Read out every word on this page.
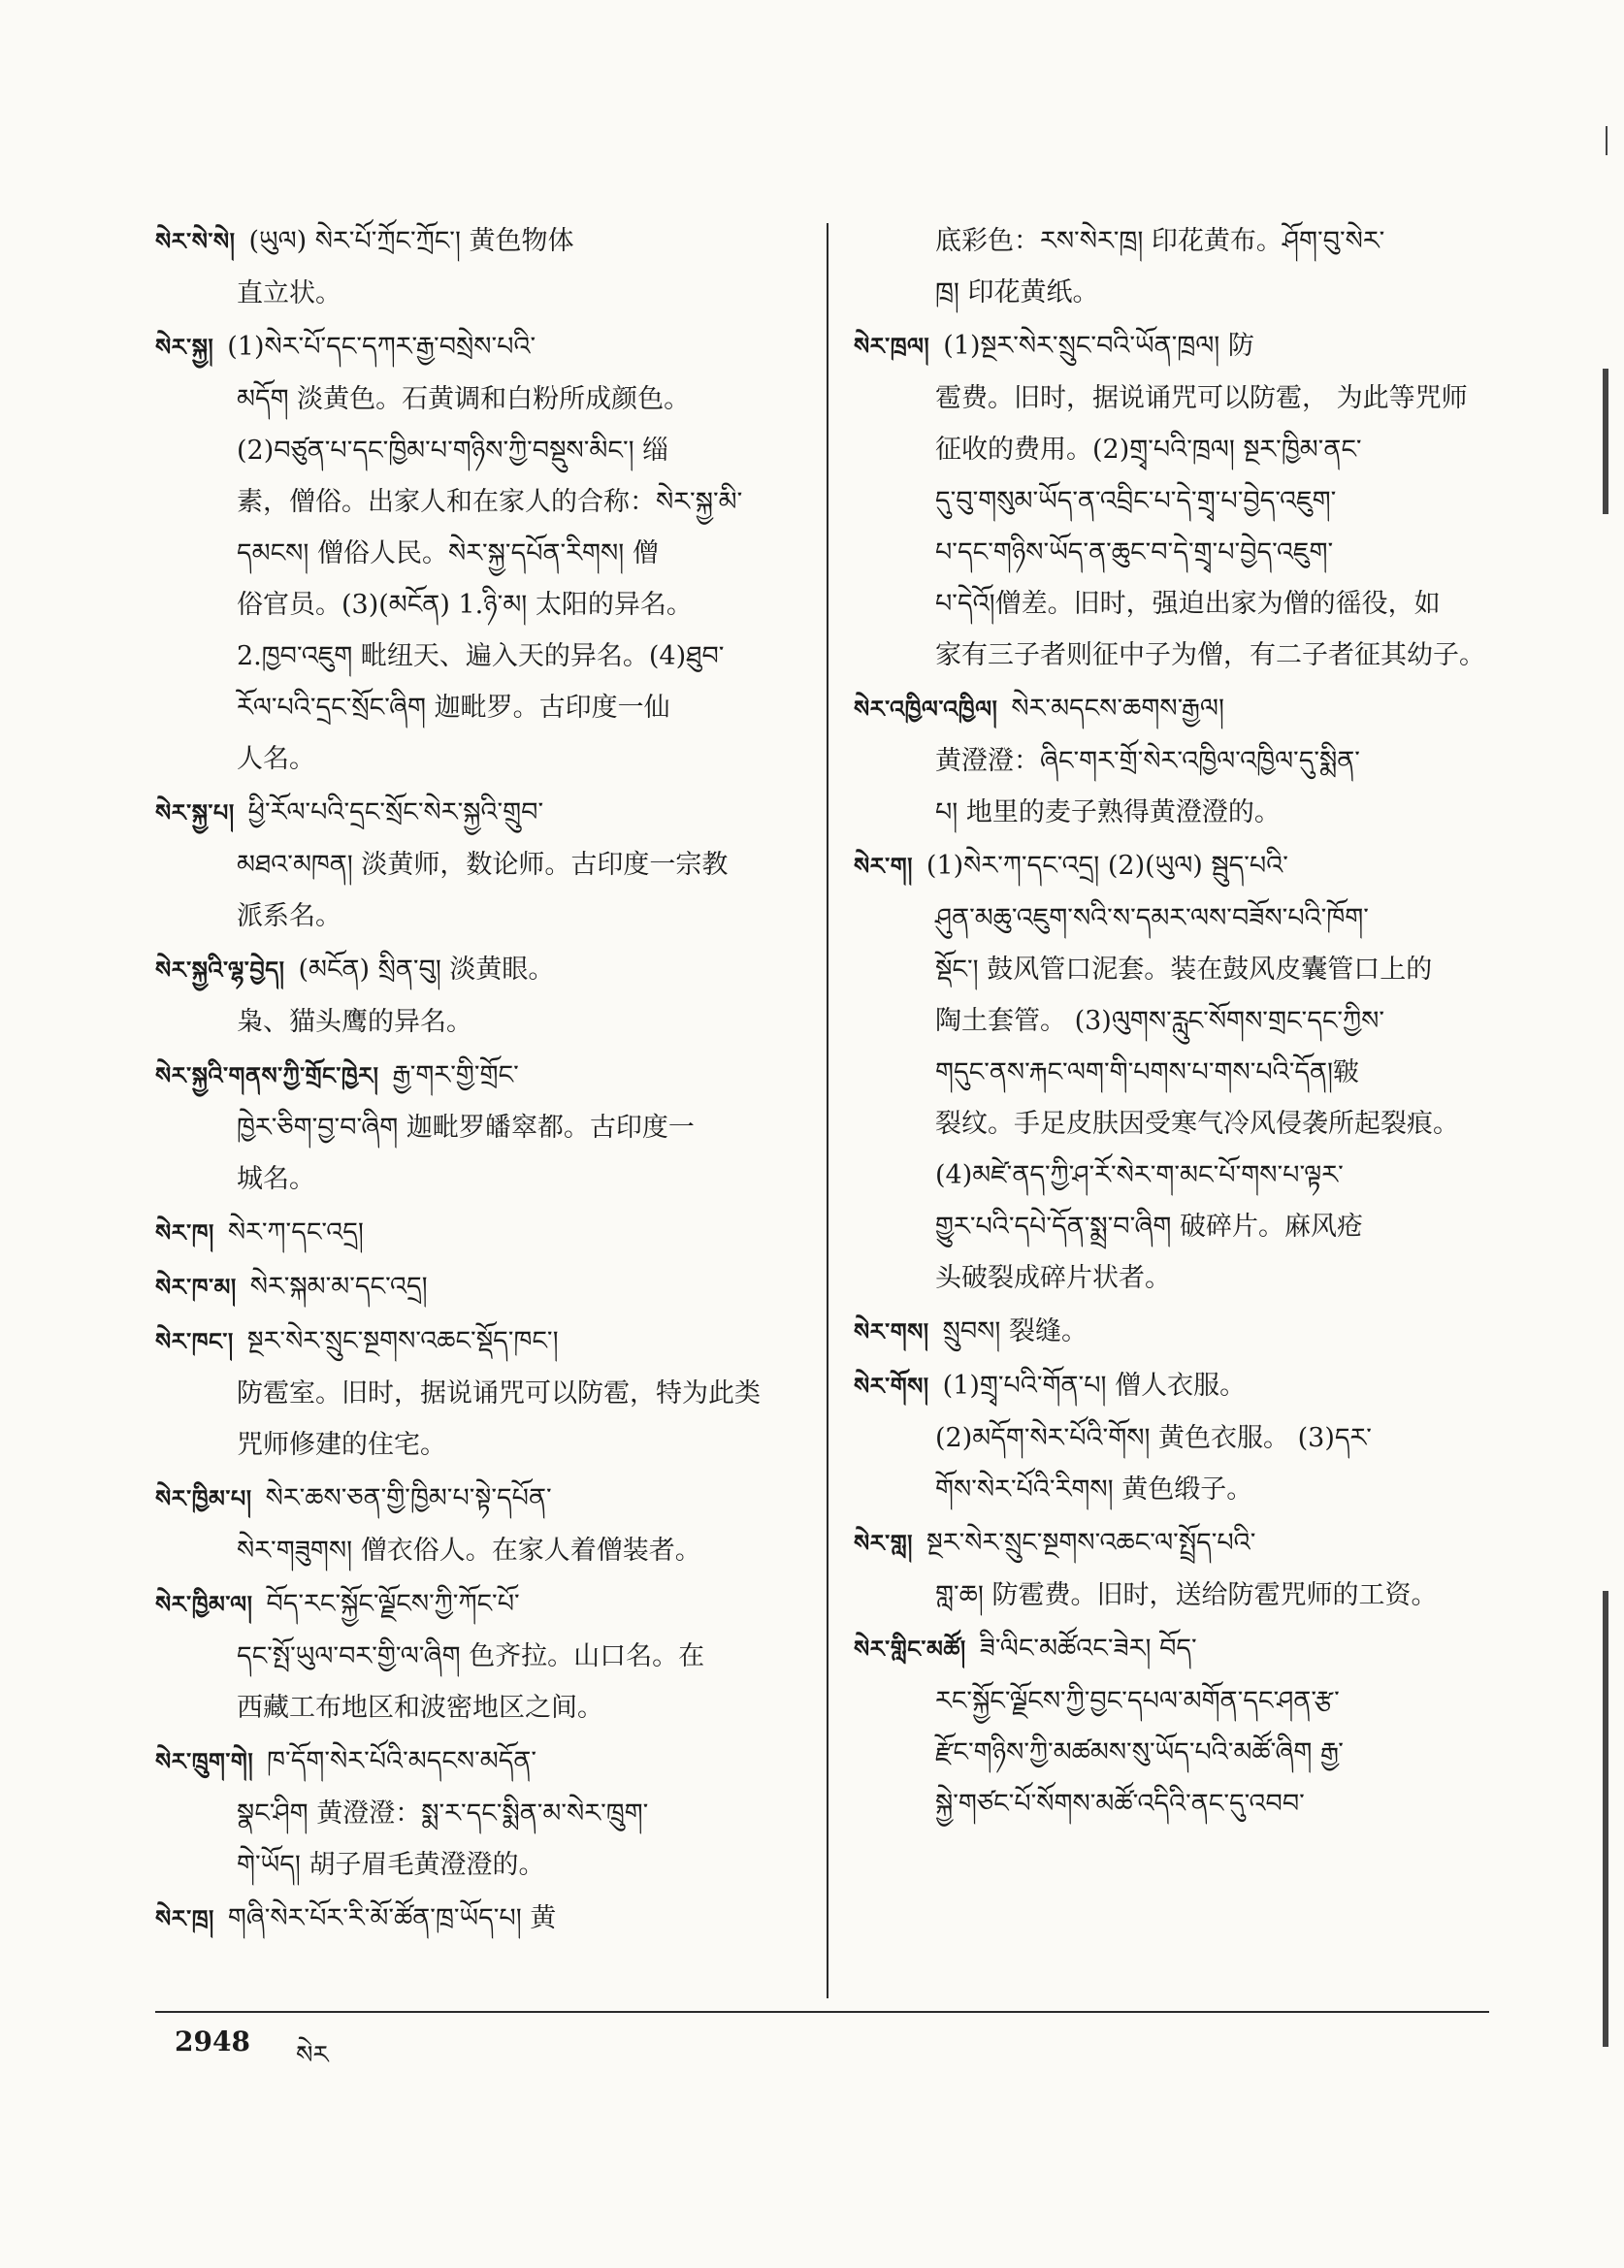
སེར་སེ་སེ། (ཡུལ) སེར་པོ་ཀྲོང་ཀྲོང་། 黄色物体
直立状。
སེར་སྐྱ། (1)སེར་པོ་དང་དཀར་རྒྱ་བསྲེས་པའི་
མདོག 淡黄色。石黄调和白粉所成颜色。
(2)བཙུན་པ་དང་ཁྱིམ་པ་གཉིས་ཀྱི་བསྡུས་མིང་། 缁
素，僧俗。出家人和在家人的合称：སེར་སྐྱ་མི་
དམངས། 僧俗人民。སེར་སྐྱ་དཔོན་རིགས། 僧
俗官员。(3)(མངོན) 1.ཉི་མ། 太阳的异名。
2.ཁྱབ་འཇུག 毗纽天、遍入天的异名。(4)ཐུབ་
རོལ་པའི་དྲང་སྲོང་ཞིག 迦毗罗。古印度一仙
人名。
སེར་སྐྱ་པ། ཕྱི་རོལ་པའི་དྲང་སྲོང་སེར་སྐྱའི་གྲུབ་
མཐའ་མཁན། 淡黄师，数论师。古印度一宗教
派系名。
སེར་སྐྱའི་ལྷ་བྱེད། (མངོན) སྲིན་བུ། 淡黄眼。
枭、猫头鹰的异名。
སེར་སྐྱའི་གནས་ཀྱི་གྲོང་ཁྱེར། རྒྱ་གར་གྱི་གྲོང་
ཁྱེར་ཅིག་བྱ་བ་ཞིག 迦毗罗皤窣都。古印度一
城名。
སེར་ཁ། སེར་ཀ་དང་འདྲ།
སེར་ཁ་མ། སེར་སྐམ་མ་དང་འདྲ།
སེར་ཁང་། སྔར་སེར་སྲུང་སྔགས་འཆང་སྡོད་ཁང་།
防雹室。旧时，据说诵咒可以防雹，特为此类
咒师修建的住宅。
སེར་ཁྱིམ་པ། སེར་ཆས་ཅན་གྱི་ཁྱིམ་པ་སྟེ་དཔོན་
སེར་གཟུགས། 僧衣俗人。在家人着僧装者。
སེར་ཁྱིམ་ལ། བོད་རང་སྐྱོང་ལྗོངས་ཀྱི་ཀོང་པོ་
དང་སྤོ་ཡུལ་བར་གྱི་ལ་ཞིག 色齐拉。山口名。在
西藏工布地区和波密地区之间。
སེར་ཁྲུག་གེ། ཁ་དོག་སེར་པོའི་མདངས་མདོན་
སྣང་ཤིག 黄澄澄：སྨ་ར་དང་སྨིན་མ་སེར་ཁྲུག་
གེ་ཡོད། 胡子眉毛黄澄澄的。
སེར་ཁྲ། གཞི་སེར་པོར་རི་མོ་ཚོན་ཁྲ་ཡོད་པ། 黄
底彩色：རས་སེར་ཁྲ། 印花黄布。ཤོག་བུ་སེར་
ཁྲ། 印花黄纸。
སེར་ཁྲལ། (1)སྔར་སེར་སྲུང་བའི་ཡོན་ཁྲལ། 防
雹费。旧时，据说诵咒可以防雹， 为此等咒师
征收的费用。(2)གྲྭ་པའི་ཁྲལ། སྔར་ཁྱིམ་ནང་
དུ་བུ་གསུམ་ཡོད་ན་འབྲིང་པ་དེ་གྲྭ་པ་བྱེད་འཇུག་
པ་དང་གཉིས་ཡོད་ན་ཆུང་བ་དེ་གྲྭ་པ་བྱེད་འཇུག་
པ་དེའོ།僧差。旧时，强迫出家为僧的徭役，如
家有三子者则征中子为僧，有二子者征其幼子。
སེར་འཁྱིལ་འཁྱིལ། སེར་མདངས་ཆགས་རྒྱལ།
黄澄澄：ཞིང་གར་གྲོ་སེར་འཁྱིལ་འཁྱིལ་དུ་སྨིན་
པ། 地里的麦子熟得黄澄澄的。
སེར་ག། (1)སེར་ཀ་དང་འདྲ། (2)(ཡུལ) སྦུད་པའི་
ཤུན་མཆུ་འཇུག་སའི་ས་དམར་ལས་བཟོས་པའི་ཁོག་
སྡོང་། 鼓风管口泥套。装在鼓风皮囊管口上的
陶土套管。 (3)ལུགས་རླུང་སོགས་གྲང་དང་ཀྱིས་
གདུང་ནས་རྐང་ལག་གི་པགས་པ་གས་པའི་དོན།皲
裂纹。手足皮肤因受寒气冷风侵袭所起裂痕。
(4)མཛེ་ནད་ཀྱི་ཤ་རོ་སེར་ག་མང་པོ་གས་པ་ལྟར་
གྱུར་པའི་དཔེ་དོན་སྨྲ་བ་ཞིག 破碎片。麻风疮
头破裂成碎片状者。
སེར་གས། སྲུབས། 裂缝。
སེར་གོས། (1)གྲྭ་པའི་གོན་པ། 僧人衣服。
(2)མདོག་སེར་པོའི་གོས། 黄色衣服。 (3)དར་
གོས་སེར་པོའི་རིགས། 黄色缎子。
སེར་གླ། སྔར་སེར་སྲུང་སྔགས་འཆང་ལ་སྤྲོད་པའི་
གླ་ཆ། 防雹费。旧时，送给防雹咒师的工资。
སེར་གླིང་མཚོ། ཟི་ལིང་མཚོའང་ཟེར། བོད་
རང་སྐྱོང་ལྗོངས་ཀྱི་བྱང་དཔལ་མགོན་དང་ཤན་རྩ་
རྫོང་གཉིས་ཀྱི་མཚམས་སུ་ཡོད་པའི་མཚོ་ཞིག རྒྱ་
སྐྱེ་གཙང་པོ་སོགས་མཚོ་འདིའི་ནང་དུ་འབབ་
2948 སེར
